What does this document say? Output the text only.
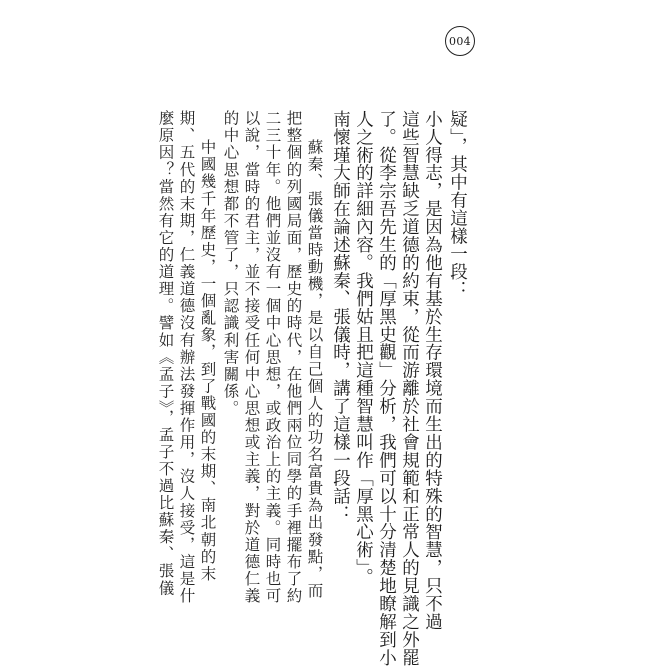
004
疑」，其中有這樣一段：
小人得志，是因為他有基於生存環境而生出的特殊的智慧，只不過
這些智慧缺乏道德的約束，從而游離於社會規範和正常人的見識之外罷
了。從李宗吾先生的「厚黑史觀」分析，我們可以十分清楚地瞭解到小
人之術的詳細內容。我們姑且把這種智慧叫作「厚黑心術」。
南懷瑾大師在論述蘇秦、張儀時，講了這樣一段話：
蘇秦、張儀當時動機，是以自己個人的功名富貴為出發點，而
把整個的列國局面，歷史的時代，在他們兩位同學的手裡擺布了約
二三十年。他們並沒有一個中心思想，或政治上的主義。同時也可
以說，當時的君主，並不接受任何中心思想或主義，對於道德仁義
的中心思想都不管了，只認識利害關係。
中國幾千年歷史，一個亂象，到了戰國的末期、南北朝的末
期、五代的末期，仁義道德沒有辦法發揮作用，沒人接受，這是什
麼原因？當然有它的道理。譬如《孟子》，孟子不過比蘇秦、張儀
